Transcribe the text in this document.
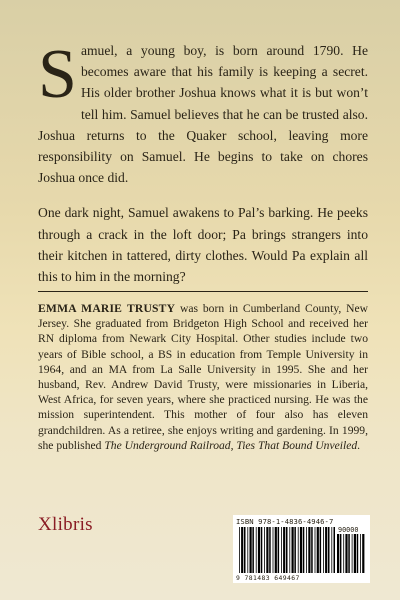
Samuel, a young boy, is born around 1790. He becomes aware that his family is keeping a secret. His older brother Joshua knows what it is but won’t tell him. Samuel believes that he can be trusted also. Joshua returns to the Quaker school, leaving more responsibility on Samuel. He begins to take on chores Joshua once did.

One dark night, Samuel awakens to Pal’s barking. He peeks through a crack in the loft door; Pa brings strangers into their kitchen in tattered, dirty clothes. Would Pa explain all this to him in the morning?

EMMA MARIE TRUSTY was born in Cumberland County, New Jersey. She graduated from Bridgeton High School and received her RN diploma from Newark City Hospital. Other studies include two years of Bible school, a BS in education from Temple University in 1964, and an MA from La Salle University in 1995. She and her husband, Rev. Andrew David Trusty, were missionaries in Liberia, West Africa, for seven years, where she practiced nursing. He was the mission superintendent. This mother of four also has eleven grandchildren. As a retiree, she enjoys writing and gardening. In 1999, she published The Underground Railroad, Ties That Bound Unveiled.

Xlibris	ISBN 978-1-4836-4946-7
90000
9 781483 649467
